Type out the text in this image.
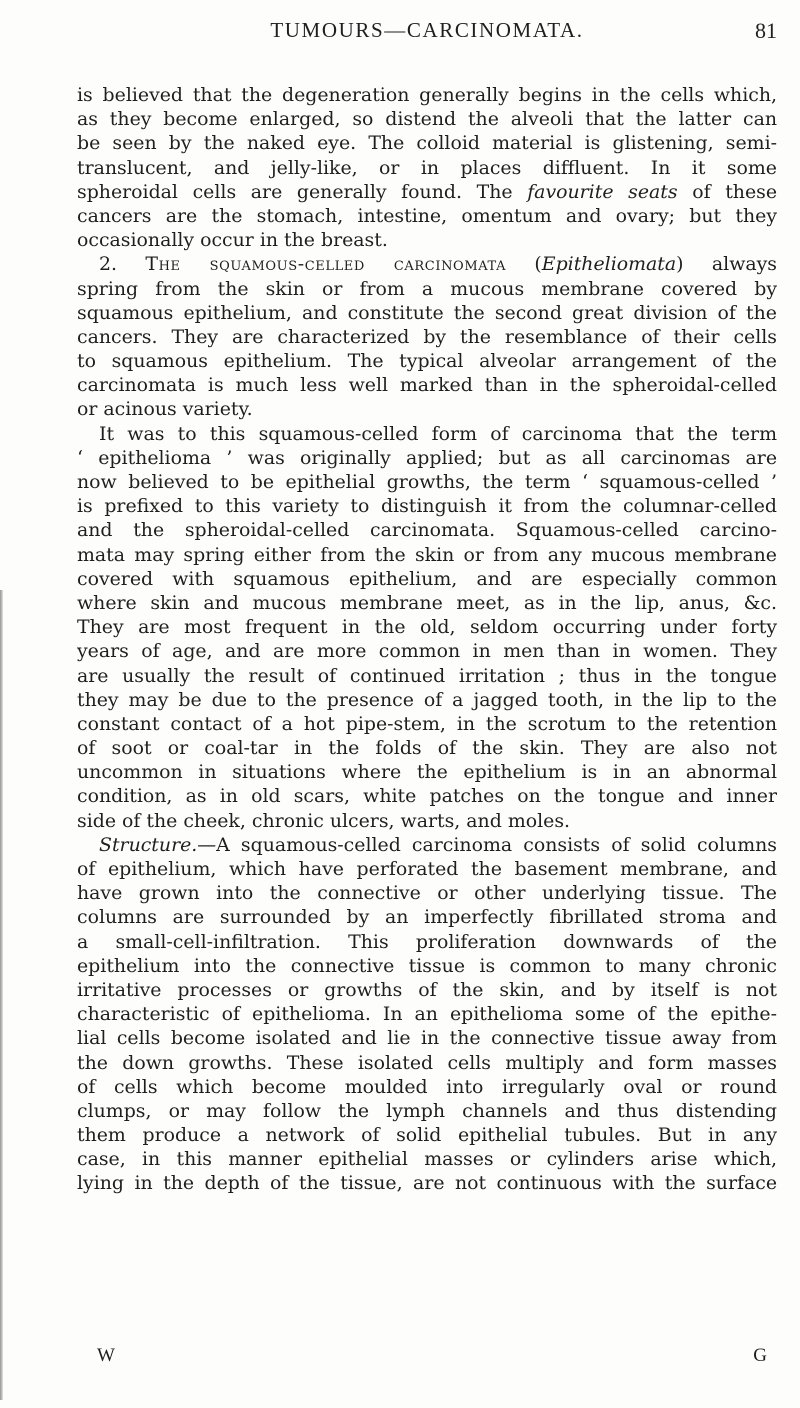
TUMOURS—CARCINOMATA.	81
is believed that the degeneration generally begins in the cells which,
as they become enlarged, so distend the alveoli that the latter can
be seen by the naked eye. The colloid material is glistening, semi-
translucent, and jelly-like, or in places diffluent. In it some
spheroidal cells are generally found. The favourite seats of these
cancers are the stomach, intestine, omentum and ovary; but they
occasionally occur in the breast.
2. The squamous-celled carcinomata (Epitheliomata) always
spring from the skin or from a mucous membrane covered by
squamous epithelium, and constitute the second great division of the
cancers. They are characterized by the resemblance of their cells
to squamous epithelium. The typical alveolar arrangement of the
carcinomata is much less well marked than in the spheroidal-celled
or acinous variety.
It was to this squamous-celled form of carcinoma that the term
‘ epithelioma ’ was originally applied; but as all carcinomas are
now believed to be epithelial growths, the term ‘ squamous-celled ’
is prefixed to this variety to distinguish it from the columnar-celled
and the spheroidal-celled carcinomata. Squamous-celled carcino-
mata may spring either from the skin or from any mucous membrane
covered with squamous epithelium, and are especially common
where skin and mucous membrane meet, as in the lip, anus, &c.
They are most frequent in the old, seldom occurring under forty
years of age, and are more common in men than in women. They
are usually the result of continued irritation ; thus in the tongue
they may be due to the presence of a jagged tooth, in the lip to the
constant contact of a hot pipe-stem, in the scrotum to the retention
of soot or coal-tar in the folds of the skin. They are also not
uncommon in situations where the epithelium is in an abnormal
condition, as in old scars, white patches on the tongue and inner
side of the cheek, chronic ulcers, warts, and moles.
Structure.—A squamous-celled carcinoma consists of solid columns
of epithelium, which have perforated the basement membrane, and
have grown into the connective or other underlying tissue. The
columns are surrounded by an imperfectly fibrillated stroma and
a small-cell-infiltration. This proliferation downwards of the
epithelium into the connective tissue is common to many chronic
irritative processes or growths of the skin, and by itself is not
characteristic of epithelioma. In an epithelioma some of the epithe-
lial cells become isolated and lie in the connective tissue away from
the down growths. These isolated cells multiply and form masses
of cells which become moulded into irregularly oval or round
clumps, or may follow the lymph channels and thus distending
them produce a network of solid epithelial tubules. But in any
case, in this manner epithelial masses or cylinders arise which,
lying in the depth of the tissue, are not continuous with the surface
W	G
